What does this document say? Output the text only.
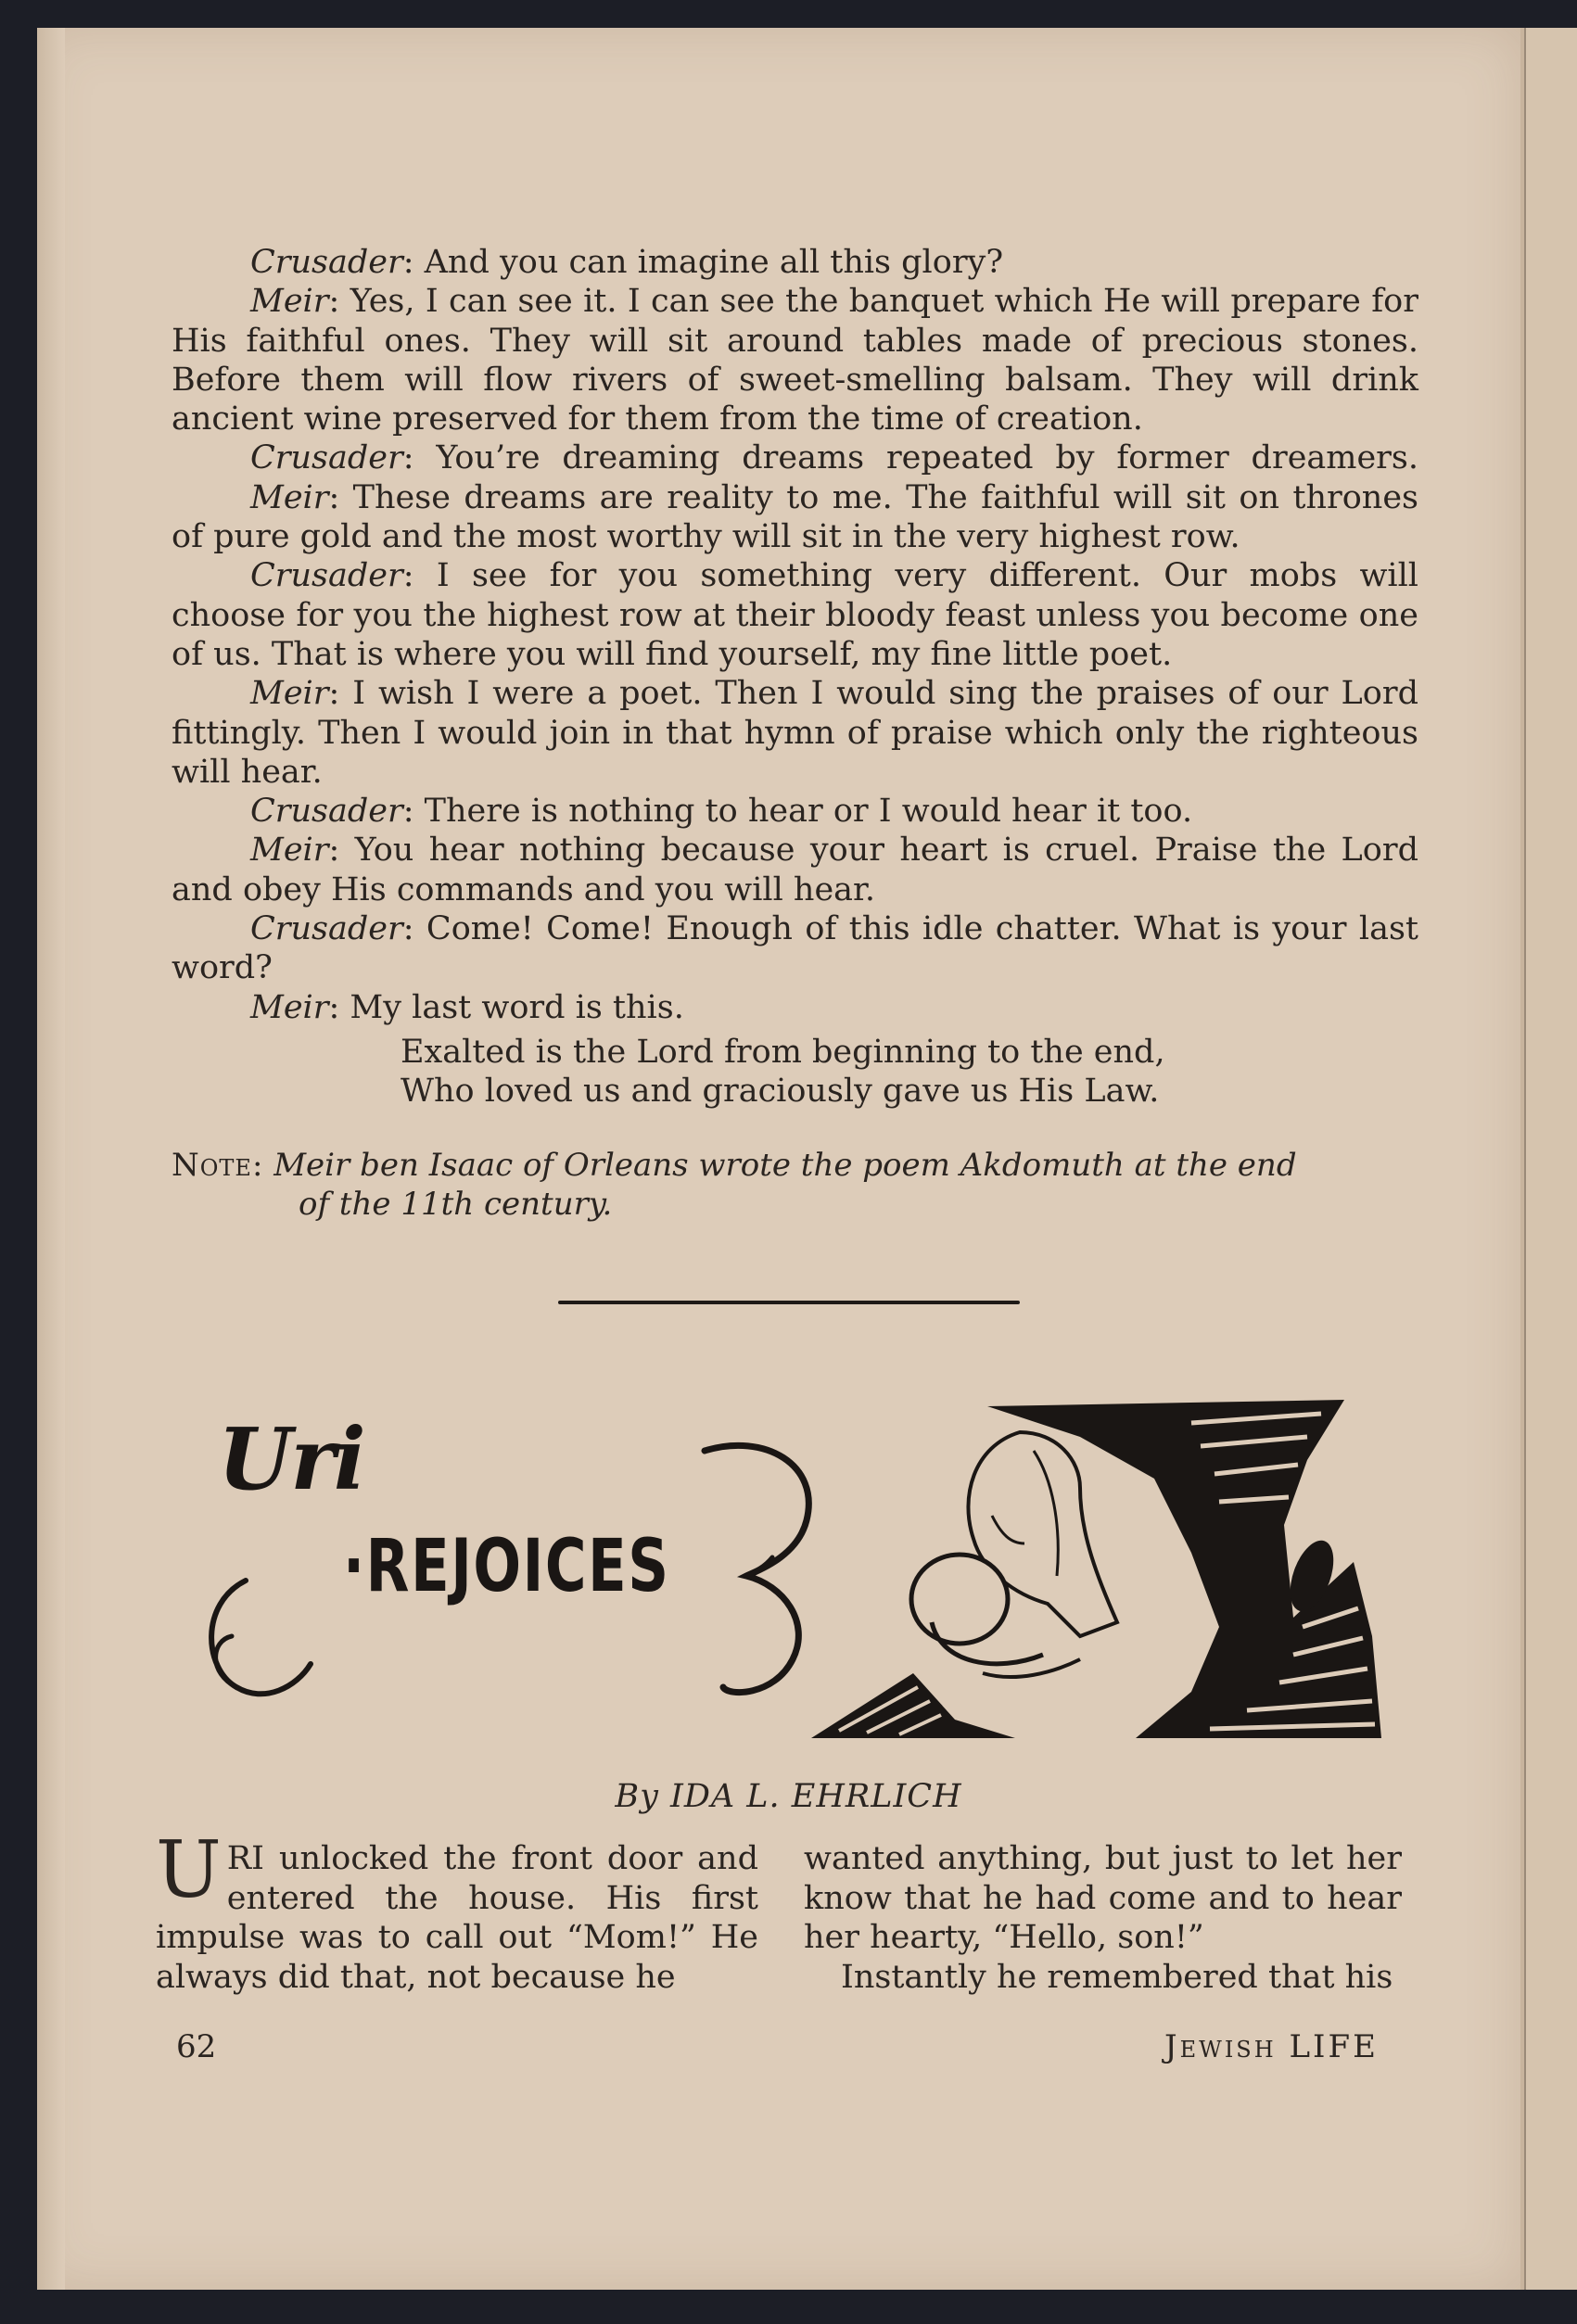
Crusader: And you can imagine all this glory?

Meir: Yes, I can see it. I can see the banquet which He will prepare for His faithful ones. They will sit around tables made of precious stones. Before them will flow rivers of sweet-smelling balsam. They will drink ancient wine preserved for them from the time of creation.

Crusader: You’re dreaming dreams repeated by former dreamers.

Meir: These dreams are reality to me. The faithful will sit on thrones of pure gold and the most worthy will sit in the very highest row.

Crusader: I see for you something very different. Our mobs will choose for you the highest row at their bloody feast unless you become one of us. That is where you will find yourself, my fine little poet.

Meir: I wish I were a poet. Then I would sing the praises of our Lord fittingly. Then I would join in that hymn of praise which only the righteous will hear.

Crusader: There is nothing to hear or I would hear it too.

Meir: You hear nothing because your heart is cruel. Praise the Lord and obey His commands and you will hear.

Crusader: Come! Come! Enough of this idle chatter. What is your last word?

Meir: My last word is this.

Exalted is the Lord from beginning to the end,

Who loved us and graciously gave us His Law.

Note: Meir ben Isaac of Orleans wrote the poem Akdomuth at the end
of the 11th century.
Uri
·REJOICES
By IDA L. EHRLICH

URI unlocked the front door and entered the house. His first impulse was to call out “Mom!” He always did that, not because he

wanted anything, but just to let her know that he had come and to hear her hearty, “Hello, son!”

Instantly he remembered that his

62	Jewish LIFE
